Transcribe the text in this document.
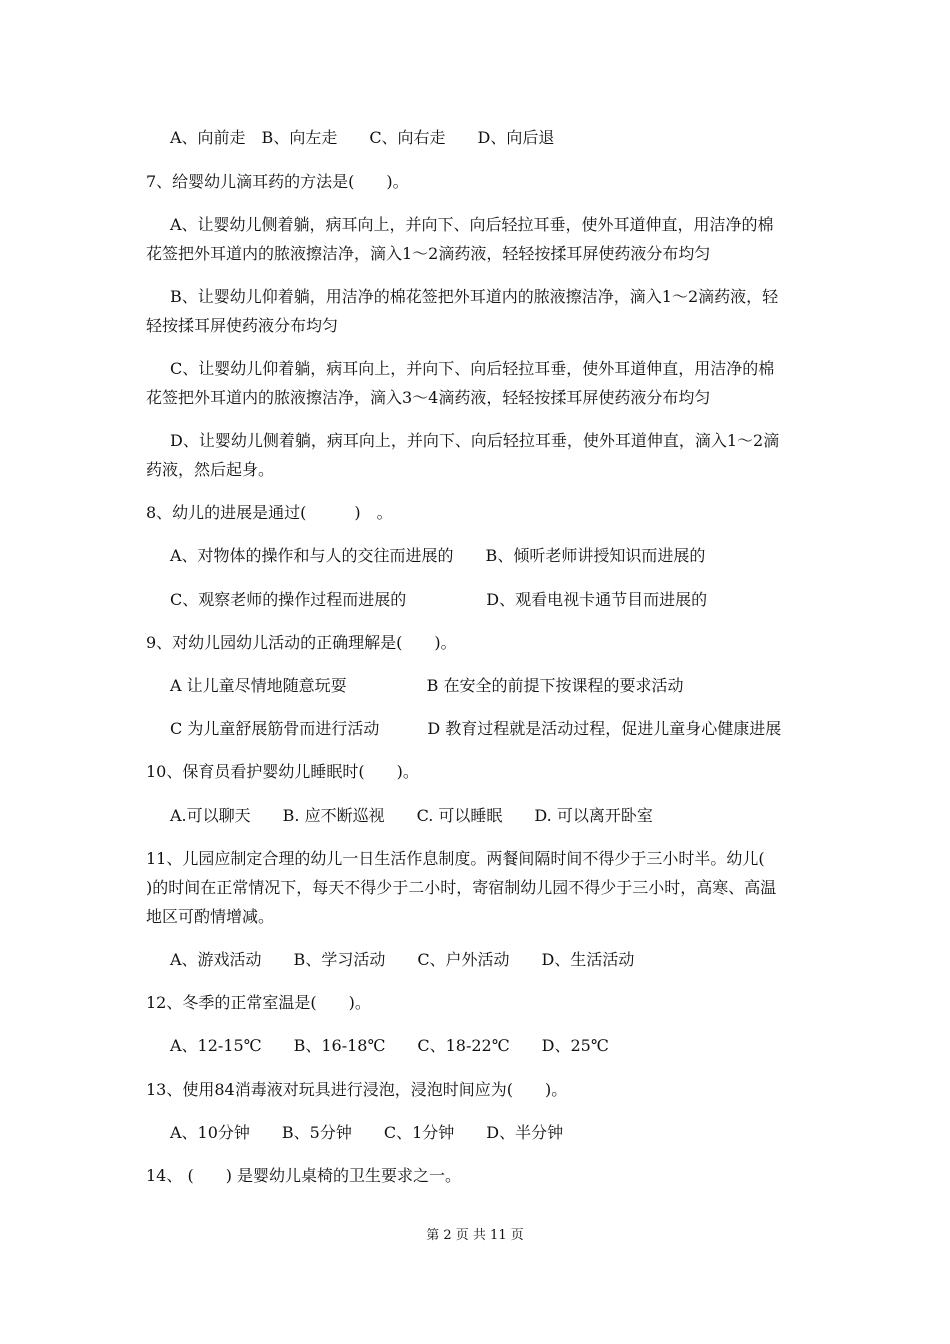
A、向前走　B、向左走　　C、向右走　　D、向后退
7、给婴幼儿滴耳药的方法是(　　)。
A、让婴幼儿侧着躺，病耳向上，并向下、向后轻拉耳垂，使外耳道伸直，用洁净的棉
花签把外耳道内的脓液擦洁净，滴入1～2滴药液，轻轻按揉耳屏使药液分布均匀
B、让婴幼儿仰着躺，用洁净的棉花签把外耳道内的脓液擦洁净，滴入1～2滴药液，轻
轻按揉耳屏使药液分布均匀
C、让婴幼儿仰着躺，病耳向上，并向下、向后轻拉耳垂，使外耳道伸直，用洁净的棉
花签把外耳道内的脓液擦洁净，滴入3～4滴药液，轻轻按揉耳屏使药液分布均匀
D、让婴幼儿侧着躺，病耳向上，并向下、向后轻拉耳垂，使外耳道伸直，滴入1～2滴
药液，然后起身。
8、幼儿的进展是通过(　　　)　。
A、对物体的操作和与人的交往而进展的　　B、倾听老师讲授知识而进展的
C、观察老师的操作过程而进展的　　　　　D、观看电视卡通节目而进展的
9、对幼儿园幼儿活动的正确理解是(　　)。
A 让儿童尽情地随意玩耍　　　　　B 在安全的前提下按课程的要求活动
C 为儿童舒展筋骨而进行活动　　　D 教育过程就是活动过程，促进儿童身心健康进展
10、保育员看护婴幼儿睡眠时(　　)。
A.可以聊天　　B. 应不断巡视　　C. 可以睡眠　　D. 可以离开卧室
11、儿园应制定合理的幼儿一日生活作息制度。两餐间隔时间不得少于三小时半。幼儿(
)的时间在正常情况下，每天不得少于二小时，寄宿制幼儿园不得少于三小时，高寒、高温
地区可酌情增减。
A、游戏活动　　B、学习活动　　C、户外活动　　D、生活活动
12、冬季的正常室温是(　　)。
A、12-15℃　　B、16-18℃　　C、18-22℃　　D、25℃
13、使用84消毒液对玩具进行浸泡，浸泡时间应为(　　)。
A、10分钟　　B、5分钟　　C、1分钟　　D、半分钟
14、 (　　) 是婴幼儿桌椅的卫生要求之一。
第 2 页 共 11 页
